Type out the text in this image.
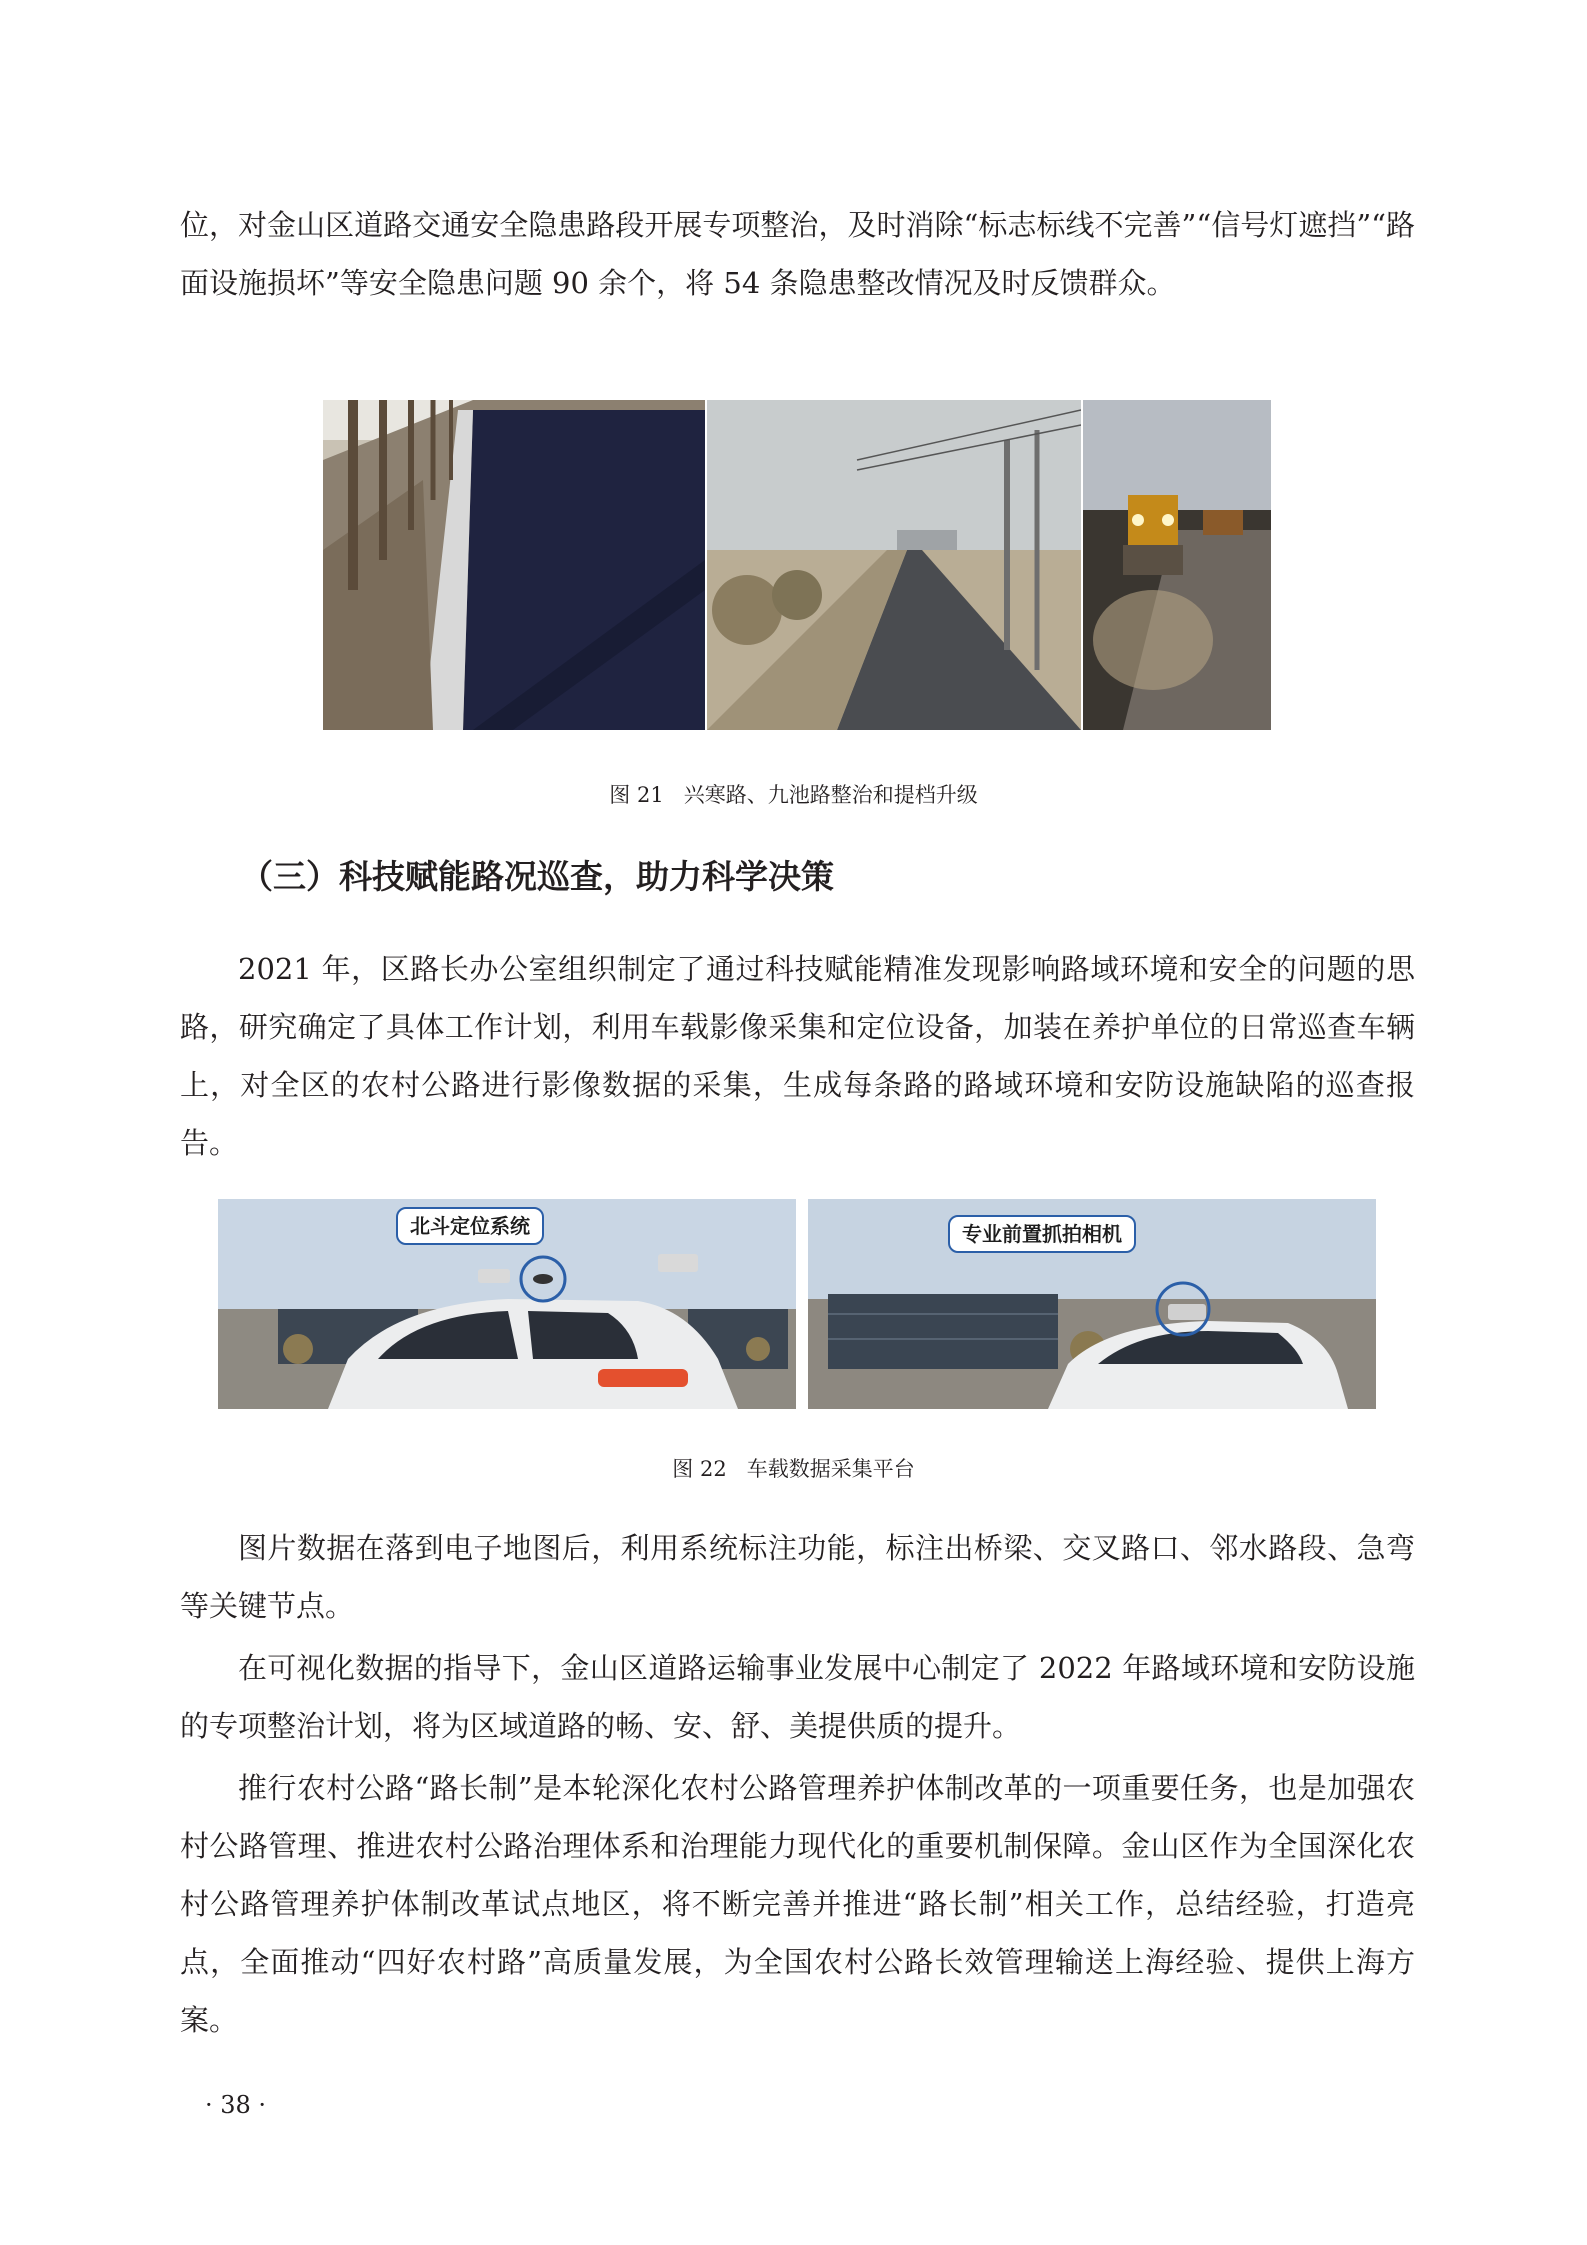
位，对金山区道路交通安全隐患路段开展专项整治，及时消除“标志标线不完善”“信号灯遮挡”“路面设施损坏”等安全隐患问题 90 余个，将 54 条隐患整改情况及时反馈群众。

图 21 兴寒路、九池路整治和提档升级
（三）科技赋能路况巡查，助力科学决策

2021 年，区路长办公室组织制定了通过科技赋能精准发现影响路域环境和安全的问题的思路，研究确定了具体工作计划，利用车载影像采集和定位设备，加装在养护单位的日常巡查车辆上，对全区的农村公路进行影像数据的采集，生成每条路的路域环境和安防设施缺陷的巡查报告。

北斗定位系统	专业前置抓拍相机
图 22 车载数据采集平台

图片数据在落到电子地图后，利用系统标注功能，标注出桥梁、交叉路口、邻水路段、急弯等关键节点。

在可视化数据的指导下，金山区道路运输事业发展中心制定了 2022 年路域环境和安防设施的专项整治计划，将为区域道路的畅、安、舒、美提供质的提升。

推行农村公路“路长制”是本轮深化农村公路管理养护体制改革的一项重要任务，也是加强农村公路管理、推进农村公路治理体系和治理能力现代化的重要机制保障。金山区作为全国深化农村公路管理养护体制改革试点地区，将不断完善并推进“路长制”相关工作，总结经验，打造亮点，全面推动“四好农村路”高质量发展，为全国农村公路长效管理输送上海经验、提供上海方案。

· 38 ·
